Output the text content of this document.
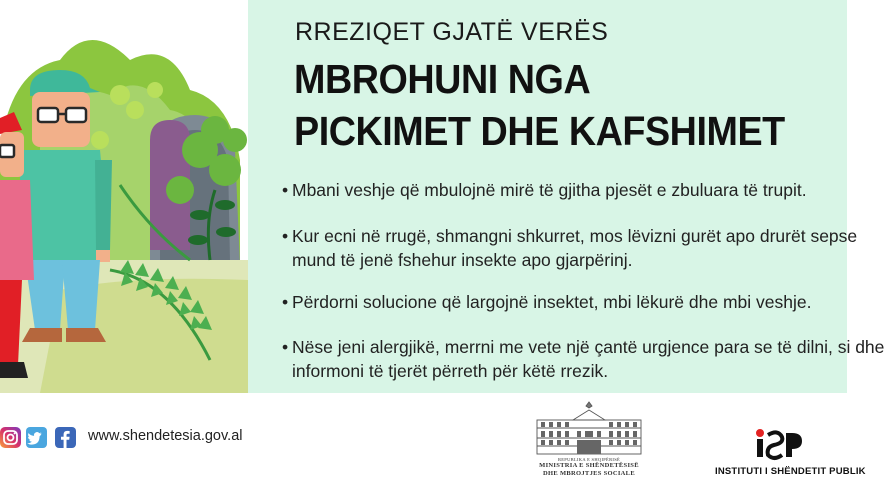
RREZIQET GJATË VERËS
MBROHUNI NGA
PICKIMET DHE KAFSHIMET
• Mbani veshje që mbulojnë mirë të gjitha pjesët e zbuluara të trupit.
• Kur ecni në rrugë, shmangni shkurret, mos lëvizni gurët apo drurët sepse
mund të jenë fshehur insekte apo gjarpërinj.
• Përdorni solucione që largojnë insektet, mbi lëkurë dhe mbi veshje.
• Nëse jeni alergjikë, merrni me vete një çantë urgjence para se të dilni, si dhe
informoni të tjerët përreth për këtë rrezik.
www.shendetesia.gov.al
REPUBLIKA E SHQIPËRISË
MINISTRIA E SHËNDETËSISË
DHE MBROJTJES SOCIALE	INSTITUTI I SHËNDETIT PUBLIK
